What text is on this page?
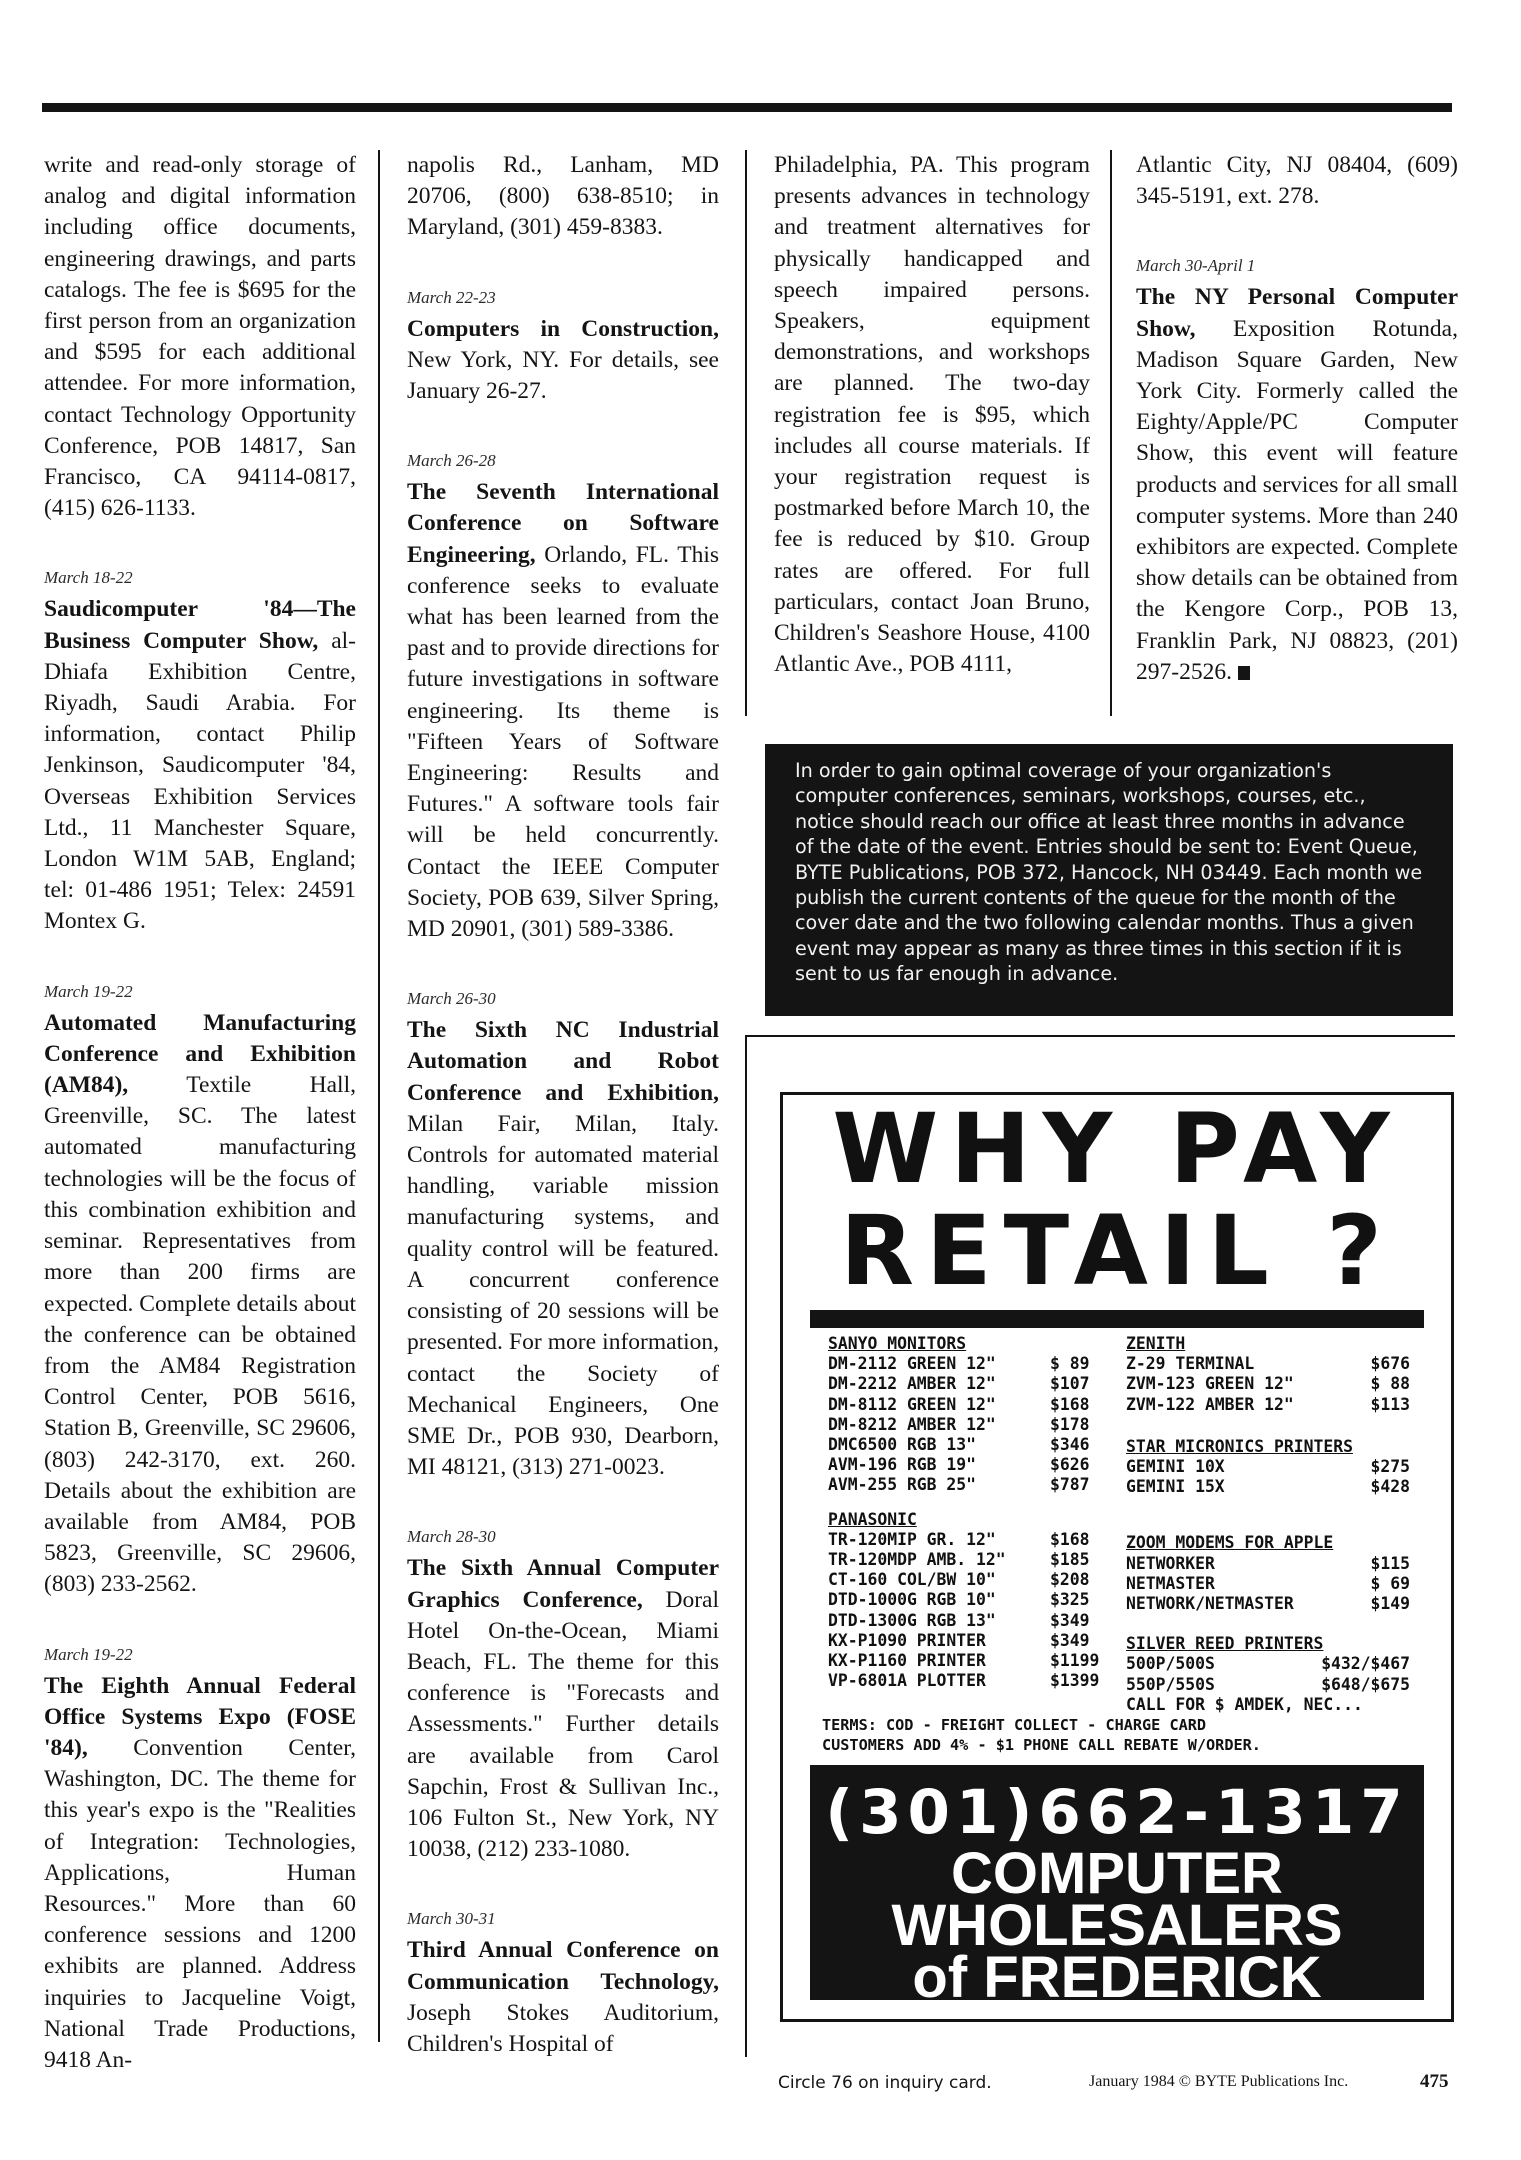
write and read-only storage of analog and digital information including office documents, engineering drawings, and parts catalogs. The fee is $695 for the first person from an organization and $595 for each additional attendee. For more information, contact Technology Opportunity Conference, POB 14817, San Francisco, CA 94114-0817, (415) 626-1133.

March 18-22

Saudicomputer '84—The Business Computer Show, al-Dhiafa Exhibition Centre, Riyadh, Saudi Arabia. For information, contact Philip Jenkinson, Saudicomputer '84, Overseas Exhibition Services Ltd., 11 Manchester Square, London W1M 5AB, England; tel: 01-486 1951; Telex: 24591 Montex G.

March 19-22

Automated Manufacturing Conference and Exhibition (AM84), Textile Hall, Greenville, SC. The latest automated manufacturing technologies will be the focus of this combination exhibition and seminar. Representatives from more than 200 firms are expected. Complete details about the conference can be obtained from the AM84 Registration Control Center, POB 5616, Station B, Greenville, SC 29606, (803) 242-3170, ext. 260. Details about the exhibition are available from AM84, POB 5823, Greenville, SC 29606, (803) 233-2562.

March 19-22

The Eighth Annual Federal Office Systems Expo (FOSE '84), Convention Center, Washington, DC. The theme for this year's expo is the "Realities of Integration: Technologies, Applications, Human Resources." More than 60 conference sessions and 1200 exhibits are planned. Address inquiries to Jacqueline Voigt, National Trade Productions, 9418 An-

napolis Rd., Lanham, MD 20706, (800) 638-8510; in Maryland, (301) 459-8383.

March 22-23

Computers in Construction, New York, NY. For details, see January 26-27.

March 26-28

The Seventh International Conference on Software Engineering, Orlando, FL. This conference seeks to evaluate what has been learned from the past and to provide directions for future investigations in software engineering. Its theme is "Fifteen Years of Software Engineering: Results and Futures." A software tools fair will be held concurrently. Contact the IEEE Computer Society, POB 639, Silver Spring, MD 20901, (301) 589-3386.

March 26-30

The Sixth NC Industrial Automation and Robot Conference and Exhibition, Milan Fair, Milan, Italy. Controls for automated material handling, variable mission manufacturing systems, and quality control will be featured. A concurrent conference consisting of 20 sessions will be presented. For more information, contact the Society of Mechanical Engineers, One SME Dr., POB 930, Dearborn, MI 48121, (313) 271-0023.

March 28-30

The Sixth Annual Computer Graphics Conference, Doral Hotel On-the-Ocean, Miami Beach, FL. The theme for this conference is "Forecasts and Assessments." Further details are available from Carol Sapchin, Frost & Sullivan Inc., 106 Fulton St., New York, NY 10038, (212) 233-1080.

March 30-31

Third Annual Conference on Communication Technology, Joseph Stokes Auditorium, Children's Hospital of

Philadelphia, PA. This program presents advances in technology and treatment alternatives for physically handicapped and speech impaired persons. Speakers, equipment demonstrations, and workshops are planned. The two-day registration fee is $95, which includes all course materials. If your registration request is postmarked before March 10, the fee is reduced by $10. Group rates are offered. For full particulars, contact Joan Bruno, Children's Seashore House, 4100 Atlantic Ave., POB 4111,

Atlantic City, NJ 08404, (609) 345-5191, ext. 278.

March 30-April 1

The NY Personal Computer Show, Exposition Rotunda, Madison Square Garden, New York City. Formerly called the Eighty/Apple/PC Computer Show, this event will feature products and services for all small computer systems. More than 240 exhibitors are expected. Complete show details can be obtained from the Kengore Corp., POB 13, Franklin Park, NJ 08823, (201) 297-2526.

In order to gain optimal coverage of your organization's computer conferences, seminars, workshops, courses, etc., notice should reach our office at least three months in advance of the date of the event. Entries should be sent to: Event Queue, BYTE Publications, POB 372, Hancock, NH 03449. Each month we publish the current contents of the queue for the month of the cover date and the two following calendar months. Thus a given event may appear as many as three times in this section if it is sent to us far enough in advance.

WHY PAY
RETAIL ?
SANYO MONITORS
DM-2112 GREEN 12"	$ 89
DM-2212 AMBER 12"	$107
DM-8112 GREEN 12"	$168
DM-8212 AMBER 12"	$178
DMC6500 RGB 13"	$346
AVM-196 RGB 19"	$626
AVM-255 RGB 25"	$787
PANASONIC
TR-120MIP GR. 12"	$168
TR-120MDP AMB. 12"	$185
CT-160 COL/BW 10"	$208
DTD-1000G RGB 10"	$325
DTD-1300G RGB 13"	$349
KX-P1090 PRINTER	$349
KX-P1160 PRINTER	$1199
VP-6801A PLOTTER	$1399
ZENITH
Z-29 TERMINAL	$676
ZVM-123 GREEN 12"	$ 88
ZVM-122 AMBER 12"	$113
STAR MICRONICS PRINTERS
GEMINI 10X	$275
GEMINI 15X	$428
ZOOM MODEMS FOR APPLE
NETWORKER	$115
NETMASTER	$ 69
NETWORK/NETMASTER	$149
SILVER REED PRINTERS
500P/500S	$432/$467
550P/550S	$648/$675
CALL FOR $ AMDEK, NEC...
TERMS: COD - FREIGHT COLLECT - CHARGE CARD
CUSTOMERS ADD 4% - $1 PHONE CALL REBATE W/ORDER.
(301)662-1317
COMPUTER
WHOLESALERS
of FREDERICK
Circle 76 on inquiry card.	January 1984 © BYTE Publications Inc.	475
